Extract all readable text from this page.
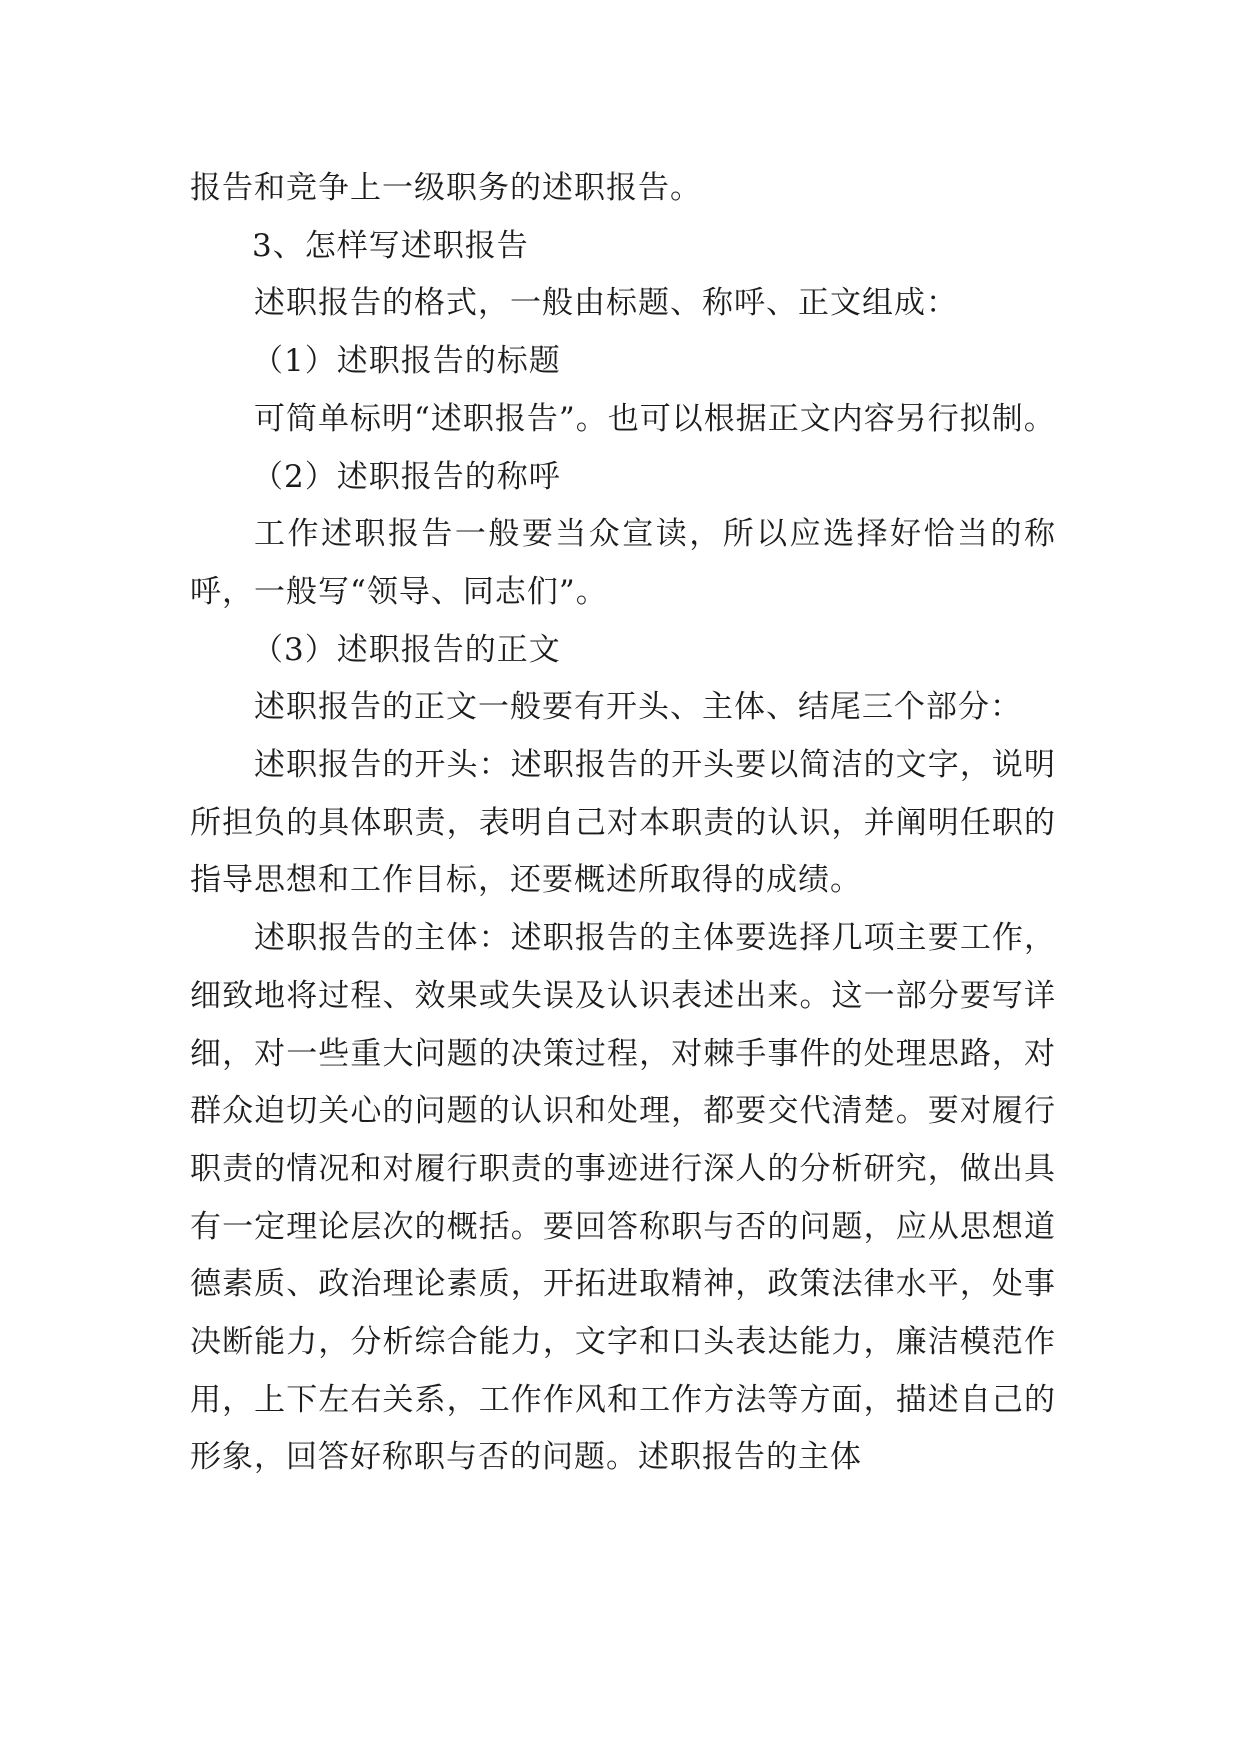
报告和竞争上一级职务的述职报告。

3、怎样写述职报告

述职报告的格式，一般由标题、称呼、正文组成：

（1）述职报告的标题

可简单标明“述职报告”。也可以根据正文内容另行拟制。

（2）述职报告的称呼

工作述职报告一般要当众宣读，所以应选择好恰当的称呼，一般写“领导、同志们”。

（3）述职报告的正文

述职报告的正文一般要有开头、主体、结尾三个部分：

述职报告的开头：述职报告的开头要以简洁的文字，说明所担负的具体职责，表明自己对本职责的认识，并阐明任职的指导思想和工作目标，还要概述所取得的成绩。

述职报告的主体：述职报告的主体要选择几项主要工作，细致地将过程、效果或失误及认识表述出来。这一部分要写详细，对一些重大问题的决策过程，对棘手事件的处理思路，对群众迫切关心的问题的认识和处理，都要交代清楚。要对履行职责的情况和对履行职责的事迹进行深人的分析研究，做出具有一定理论层次的概括。要回答称职与否的问题，应从思想道德素质、政治理论素质，开拓进取精神，政策法律水平，处事决断能力，分析综合能力，文字和口头表达能力，廉洁模范作用，上下左右关系，工作作风和工作方法等方面，描述自己的形象，回答好称职与否的问题。述职报告的主体
